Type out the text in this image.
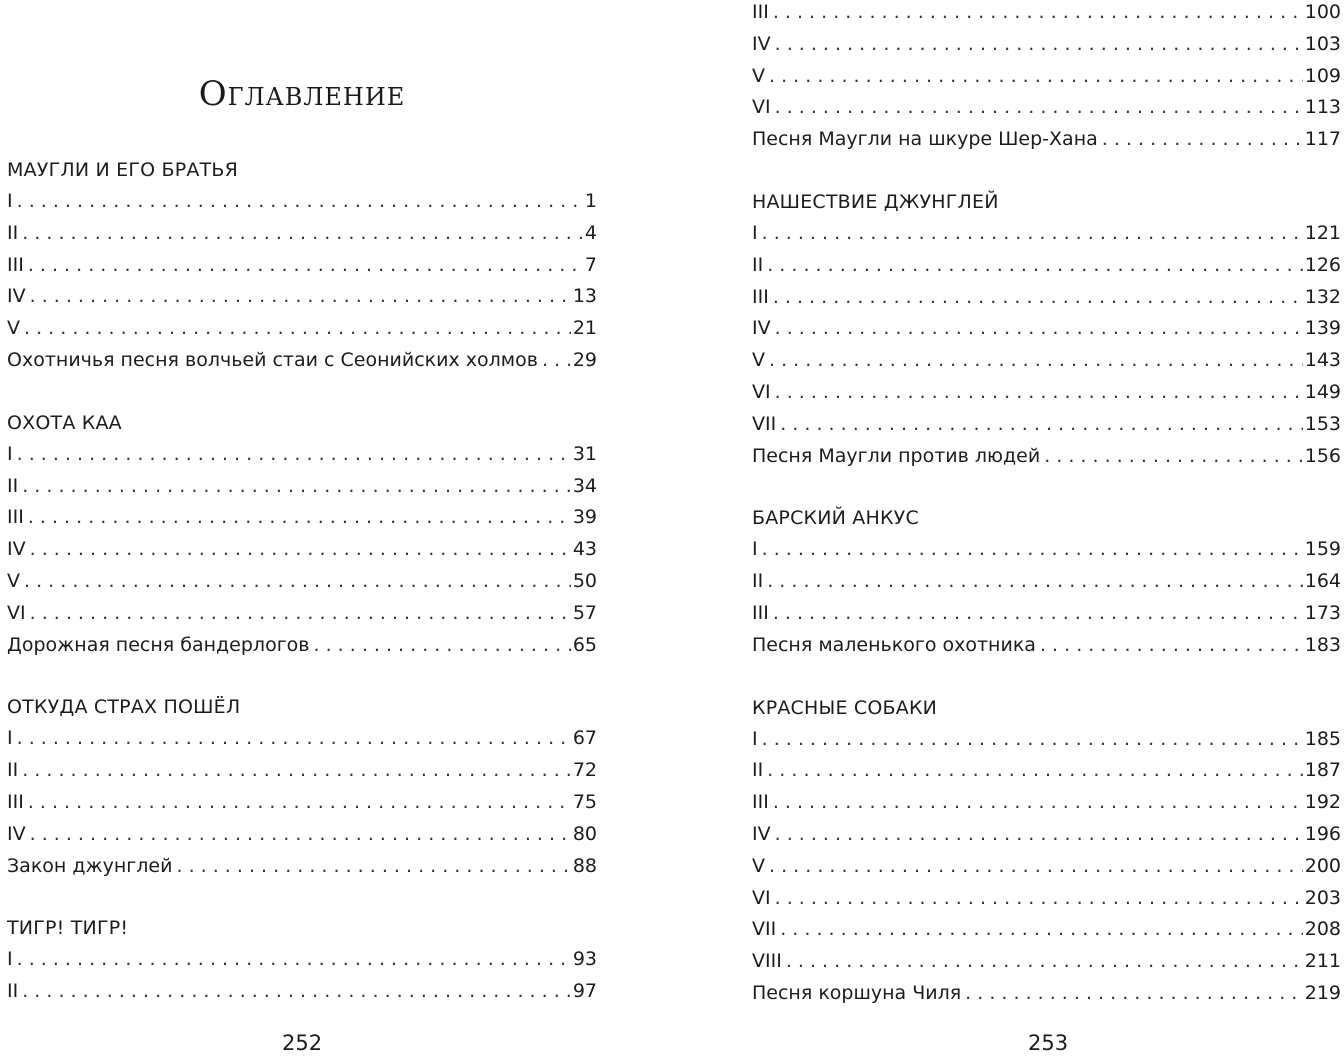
Оглавление
МАУГЛИ И ЕГО БРАТЬЯ
I . . .	1
II . . .	4
III . . .	7
IV . . .	13
V . . .	21
Охотничья песня волчьей стаи с Сеонийских холмов . . . 29
ОХОТА КАА
I . . .	31
II . . .	34
III . . .	39
IV . . .	43
V . . .	50
VI . . .	57
Дорожная песня бандерлогов . . .	65
ОТКУДА СТРАХ ПОШЁЛ
I . . .	67
II . . .	72
III . . .	75
IV . . .	80
Закон джунглей . . .	88
ТИГР! ТИГР!
I . . .	93
II . . .	97
252
III . . .	100
IV . . .	103
V . . .	109
VI . . .	113
Песня Маугли на шкуре Шер-Хана . . .	117
НАШЕСТВИЕ ДЖУНГЛЕЙ
I . . .	121
II . . .	126
III . . .	132
IV . . .	139
V . . .	143
VI . . .	149
VII . . .	153
Песня Маугли против людей . . .	156
БАРСКИЙ АНКУС
I . . .	159
II . . .	164
III . . .	173
Песня маленького охотника . . .	183
КРАСНЫЕ СОБАКИ
I . . .	185
II . . .	187
III . . .	192
IV . . .	196
V . . .	200
VI . . .	203
VII . . .	208
VIII . . .	211
Песня коршуна Чиля . . .	219
253
